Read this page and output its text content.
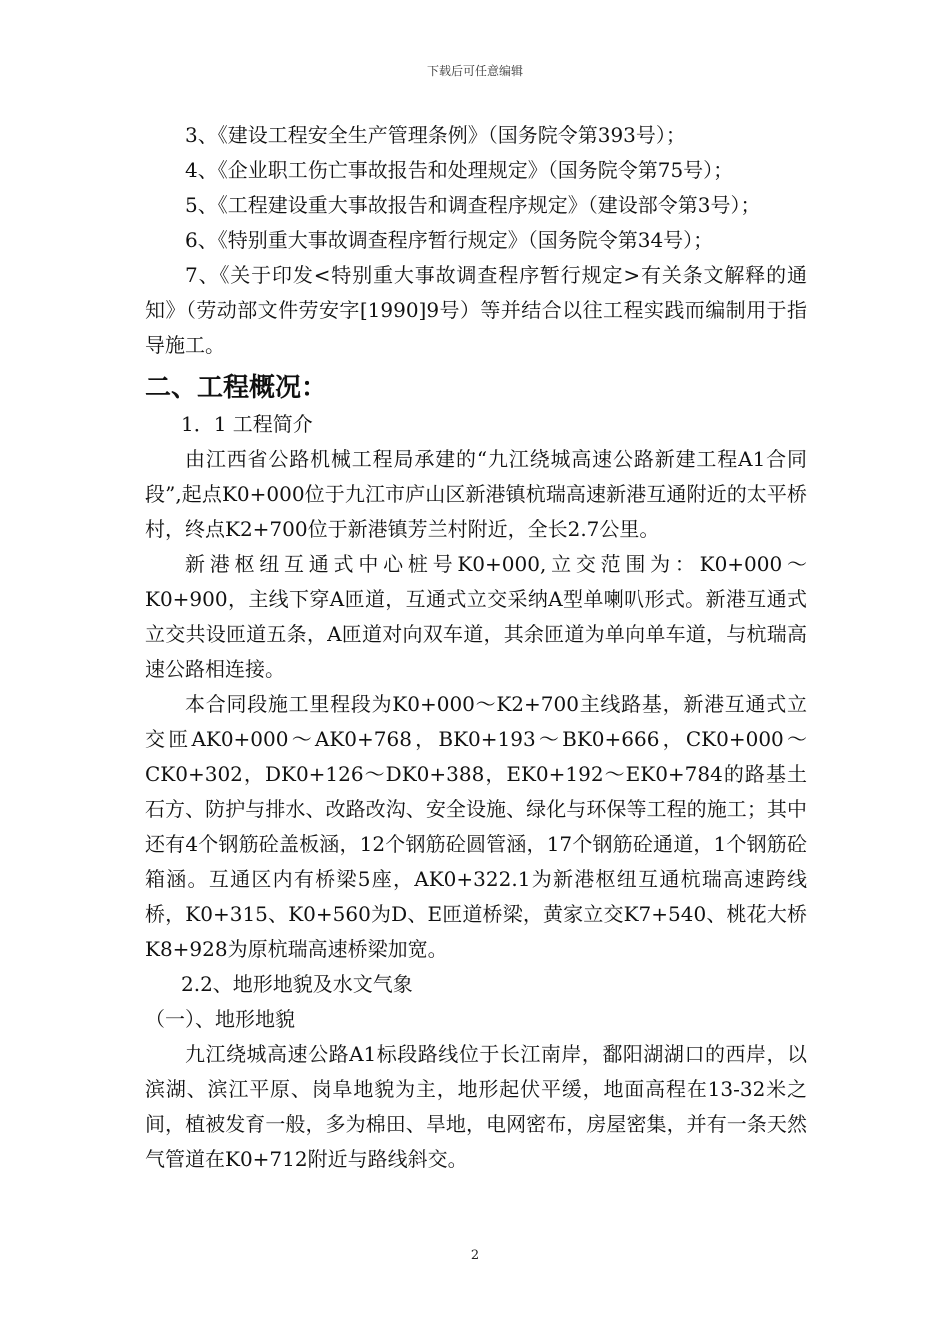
下载后可任意编辑

3、《建设工程安全生产管理条例》（国务院令第393号）；

4、《企业职工伤亡事故报告和处理规定》（国务院令第75号）；

5、《工程建设重大事故报告和调查程序规定》（建设部令第3号）；

6、《特别重大事故调查程序暂行规定》（国务院令第34号）；

7、《关于印发<特别重大事故调查程序暂行规定>有关条文解释的通知》（劳动部文件劳安字[1990]9号）等并结合以往工程实践而编制用于指导施工。

二、工程概况：

1．1 工程简介

由江西省公路机械工程局承建的“九江绕城高速公路新建工程A1合同段”,起点K0+000位于九江市庐山区新港镇杭瑞高速新港互通附近的太平桥村，终点K2+700位于新港镇芳兰村附近，全长2.7公里。

新港枢纽互通式中心桩号K0+000,立交范围为：K0+000～K0+900，主线下穿A匝道，互通式立交采纳A型单喇叭形式。新港互通式立交共设匝道五条，A匝道对向双车道，其余匝道为单向单车道，与杭瑞高速公路相连接。

本合同段施工里程段为K0+000～K2+700主线路基，新港互通式立交匝AK0+000～AK0+768，BK0+193～BK0+666，CK0+000～CK0+302，DK0+126～DK0+388，EK0+192～EK0+784的路基土石方、防护与排水、改路改沟、安全设施、绿化与环保等工程的施工；其中还有4个钢筋砼盖板涵，12个钢筋砼圆管涵，17个钢筋砼通道，1个钢筋砼箱涵。互通区内有桥梁5座，AK0+322.1为新港枢纽互通杭瑞高速跨线桥，K0+315、K0+560为D、E匝道桥梁，黄家立交K7+540、桃花大桥K8+928为原杭瑞高速桥梁加宽。

2.2、地形地貌及水文气象

（一）、地形地貌

九江绕城高速公路A1标段路线位于长江南岸，鄱阳湖湖口的西岸，以滨湖、滨江平原、岗阜地貌为主，地形起伏平缓，地面高程在13-32米之间，植被发育一般，多为棉田、旱地，电网密布，房屋密集，并有一条天然气管道在K0+712附近与路线斜交。

2
